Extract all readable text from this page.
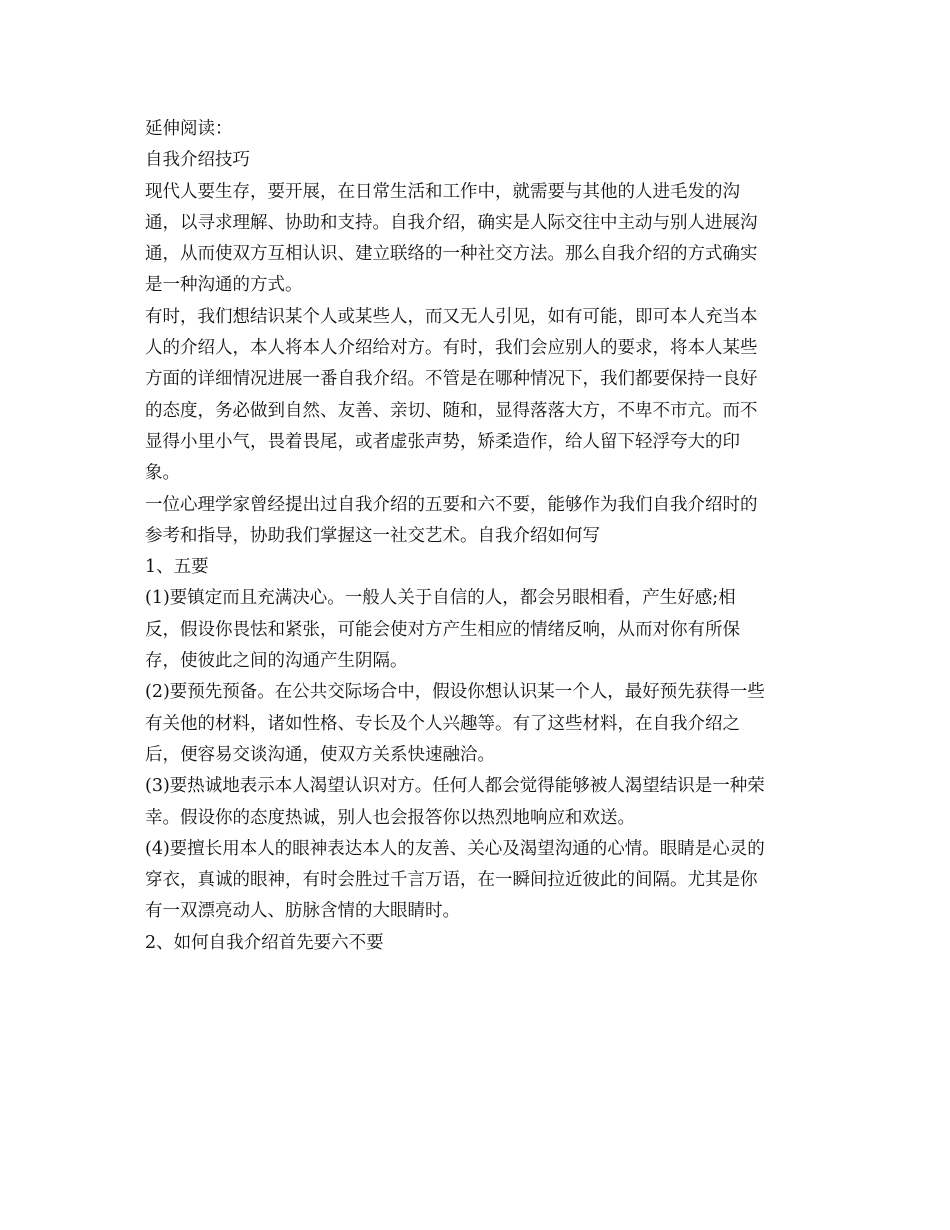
延伸阅读：
自我介绍技巧
现代人要生存，要开展，在日常生活和工作中，就需要与其他的人进毛发的沟
通，以寻求理解、协助和支持。自我介绍，确实是人际交往中主动与别人进展沟
通，从而使双方互相认识、建立联络的一种社交方法。那么自我介绍的方式确实
是一种沟通的方式。
有时，我们想结识某个人或某些人，而又无人引见，如有可能，即可本人充当本
人的介绍人，本人将本人介绍给对方。有时，我们会应别人的要求，将本人某些
方面的详细情况进展一番自我介绍。不管是在哪种情况下，我们都要保持一良好
的态度，务必做到自然、友善、亲切、随和，显得落落大方，不卑不市亢。而不
显得小里小气，畏着畏尾，或者虚张声势，矫柔造作，给人留下轻浮夸大的印
象。
一位心理学家曾经提出过自我介绍的五要和六不要，能够作为我们自我介绍时的
参考和指导，协助我们掌握这一社交艺术。自我介绍如何写
1、五要
(1)要镇定而且充满决心。一般人关于自信的人，都会另眼相看，产生好感;相
反，假设你畏怯和紧张，可能会使对方产生相应的情绪反响，从而对你有所保
存，使彼此之间的沟通产生阴隔。
(2)要预先预备。在公共交际场合中，假设你想认识某一个人，最好预先获得一些
有关他的材料，诸如性格、专长及个人兴趣等。有了这些材料，在自我介绍之
后，便容易交谈沟通，使双方关系快速融洽。
(3)要热诚地表示本人渴望认识对方。任何人都会觉得能够被人渴望结识是一种荣
幸。假设你的态度热诚，别人也会报答你以热烈地响应和欢送。
(4)要擅长用本人的眼神表达本人的友善、关心及渴望沟通的心情。眼睛是心灵的
穿衣，真诚的眼神，有时会胜过千言万语，在一瞬间拉近彼此的间隔。尤其是你
有一双漂亮动人、肪脉含情的大眼睛时。
2、如何自我介绍首先要六不要
